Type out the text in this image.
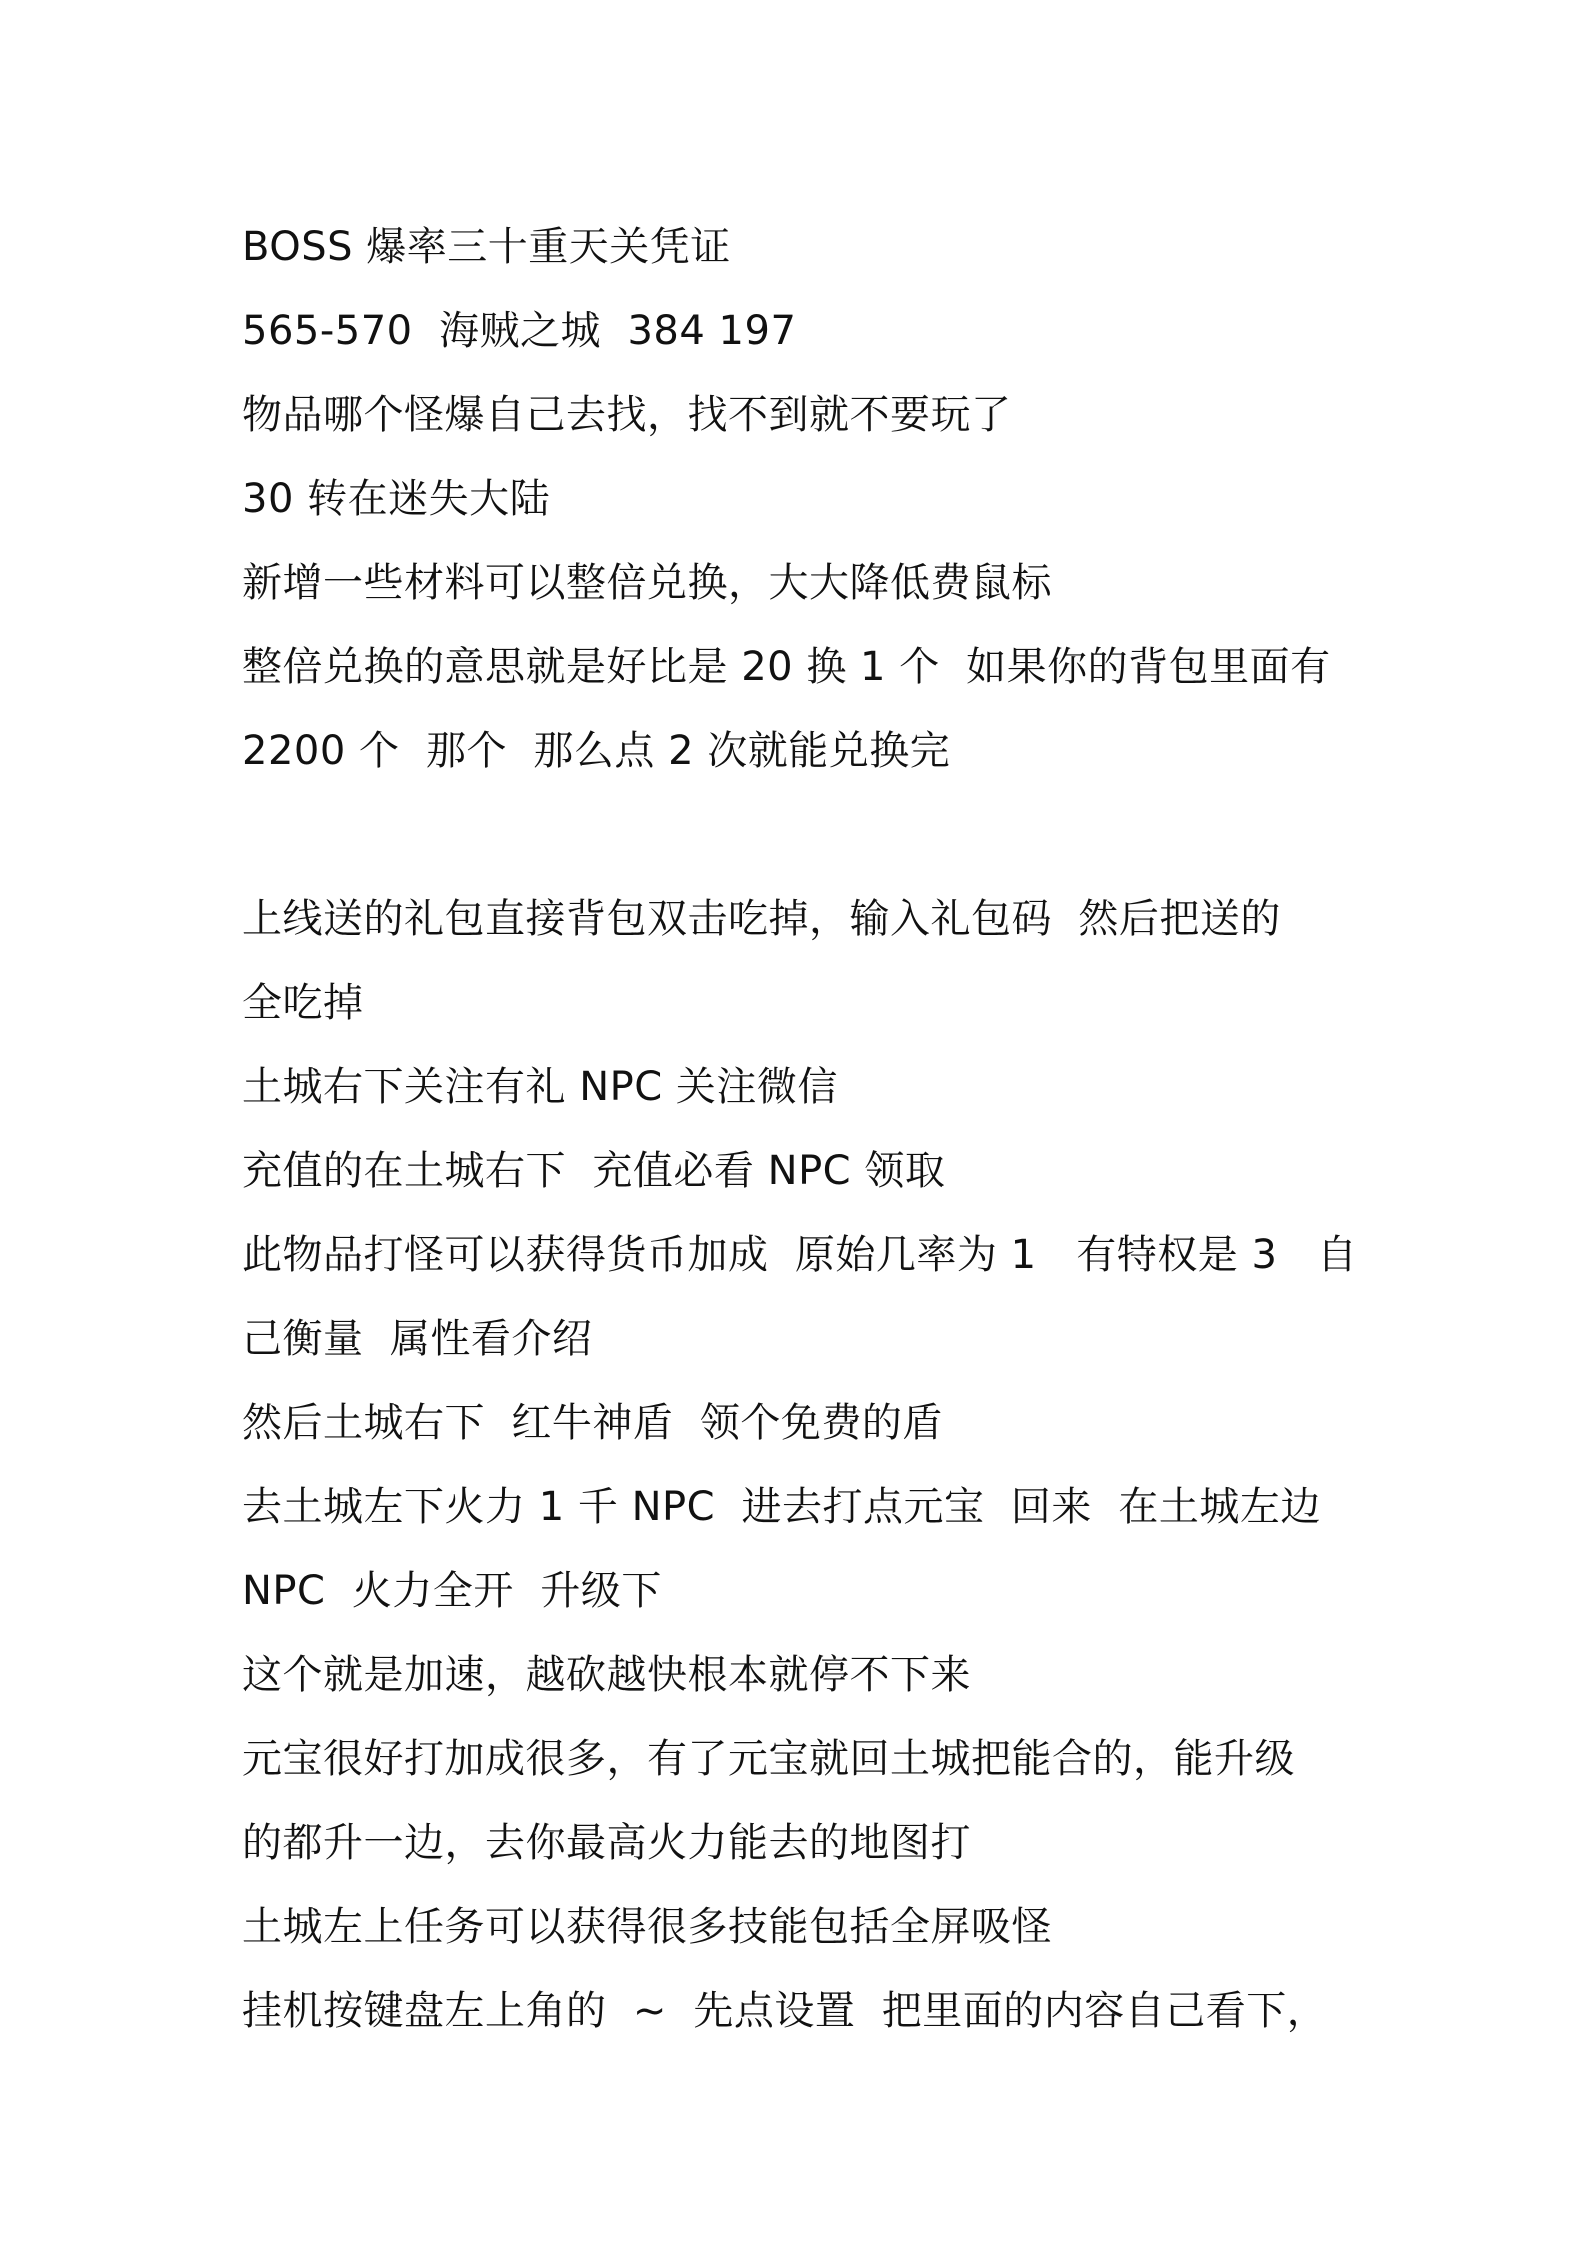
BOSS 爆率三十重天关凭证
565-570  海贼之城  384 197
物品哪个怪爆自己去找，找不到就不要玩了
30 转在迷失大陆
新增一些材料可以整倍兑换，大大降低费鼠标
整倍兑换的意思就是好比是 20 换 1 个  如果你的背包里面有
2200 个  那个  那么点 2 次就能兑换完
上线送的礼包直接背包双击吃掉，输入礼包码  然后把送的
全吃掉
土城右下关注有礼 NPC 关注微信
充值的在土城右下  充值必看 NPC 领取
此物品打怪可以获得货币加成  原始几率为 1   有特权是 3   自
己衡量  属性看介绍
然后土城右下  红牛神盾  领个免费的盾
去土城左下火力 1 千 NPC  进去打点元宝  回来  在土城左边
NPC  火力全开  升级下
这个就是加速，越砍越快根本就停不下来
元宝很好打加成很多，有了元宝就回土城把能合的，能升级
的都升一边，去你最高火力能去的地图打
土城左上任务可以获得很多技能包括全屏吸怪
挂机按键盘左上角的  ~  先点设置  把里面的内容自己看下，
